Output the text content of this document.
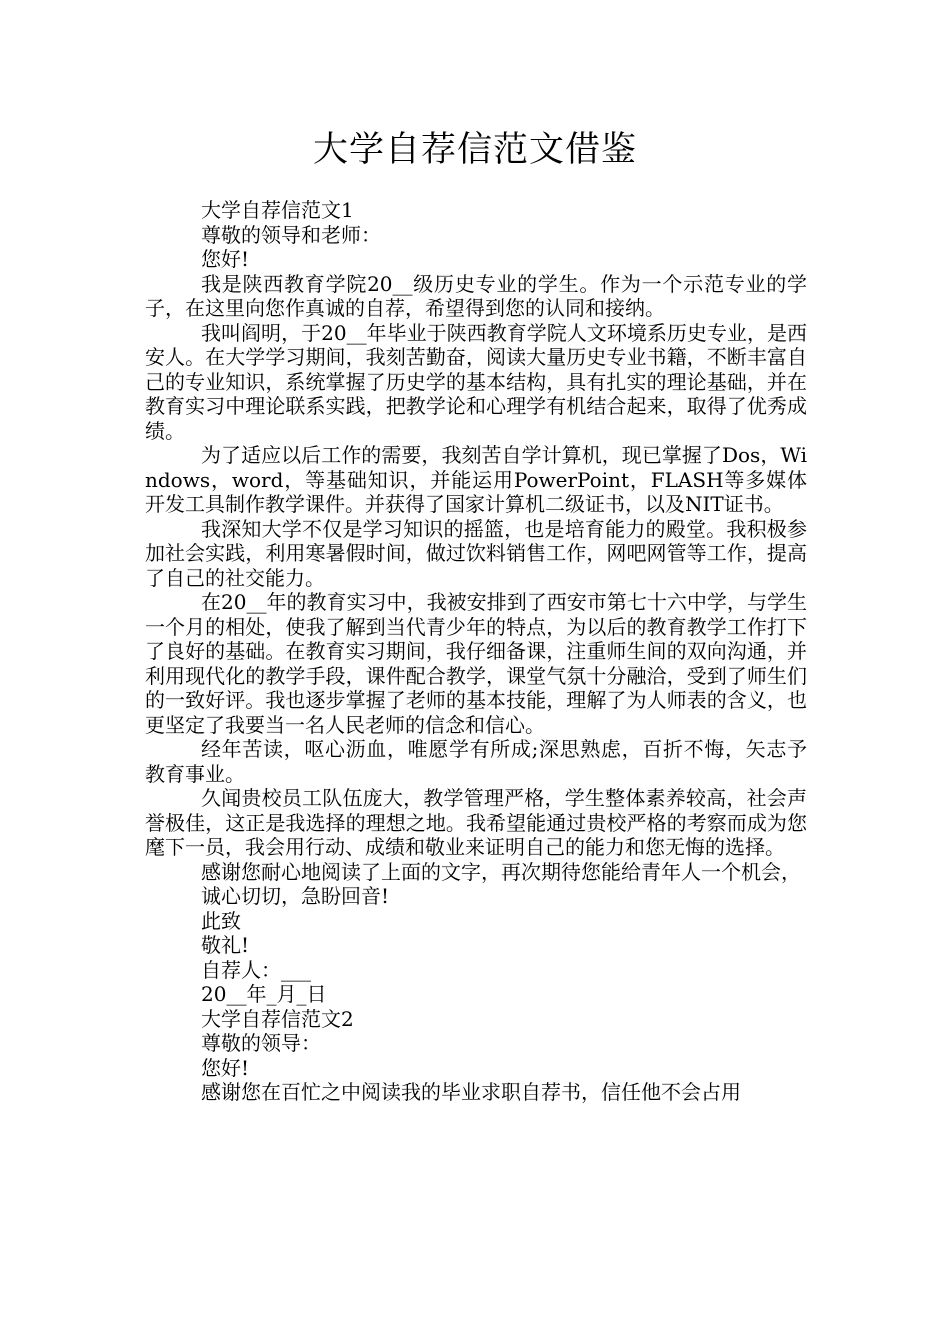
大学自荐信范文借鉴

大学自荐信范文1

尊敬的领导和老师：

您好!

我是陕西教育学院20__级历史专业的学生。作为一个示范专业的学子，在这里向您作真诚的自荐，希望得到您的认同和接纳。

我叫阎明，于20__年毕业于陕西教育学院人文环境系历史专业，是西安人。在大学学习期间，我刻苦勤奋，阅读大量历史专业书籍，不断丰富自己的专业知识，系统掌握了历史学的基本结构，具有扎实的理论基础，并在教育实习中理论联系实践，把教学论和心理学有机结合起来，取得了优秀成绩。

为了适应以后工作的需要，我刻苦自学计算机，现已掌握了Dos，Windows，word，等基础知识，并能运用PowerPoint，FLASH等多媒体开发工具制作教学课件。并获得了国家计算机二级证书，以及NIT证书。

我深知大学不仅是学习知识的摇篮，也是培育能力的殿堂。我积极参加社会实践，利用寒暑假时间，做过饮料销售工作，网吧网管等工作，提高了自己的社交能力。

在20__年的教育实习中，我被安排到了西安市第七十六中学，与学生一个月的相处，使我了解到当代青少年的特点，为以后的教育教学工作打下了良好的基础。在教育实习期间，我仔细备课，注重师生间的双向沟通，并利用现代化的教学手段，课件配合教学，课堂气氛十分融洽，受到了师生们的一致好评。我也逐步掌握了老师的基本技能，理解了为人师表的含义，也更坚定了我要当一名人民老师的信念和信心。

经年苦读，呕心沥血，唯愿学有所成;深思熟虑，百折不悔，矢志予教育事业。

久闻贵校员工队伍庞大，教学管理严格，学生整体素养较高，社会声誉极佳，这正是我选择的理想之地。我希望能通过贵校严格的考察而成为您麾下一员，我会用行动、成绩和敬业来证明自己的能力和您无悔的选择。

感谢您耐心地阅读了上面的文字，再次期待您能给青年人一个机会，

诚心切切，急盼回音!

此致

敬礼!

自荐人：___

20__年_月_日

大学自荐信范文2

尊敬的领导：

您好!

感谢您在百忙之中阅读我的毕业求职自荐书，信任他不会占用
